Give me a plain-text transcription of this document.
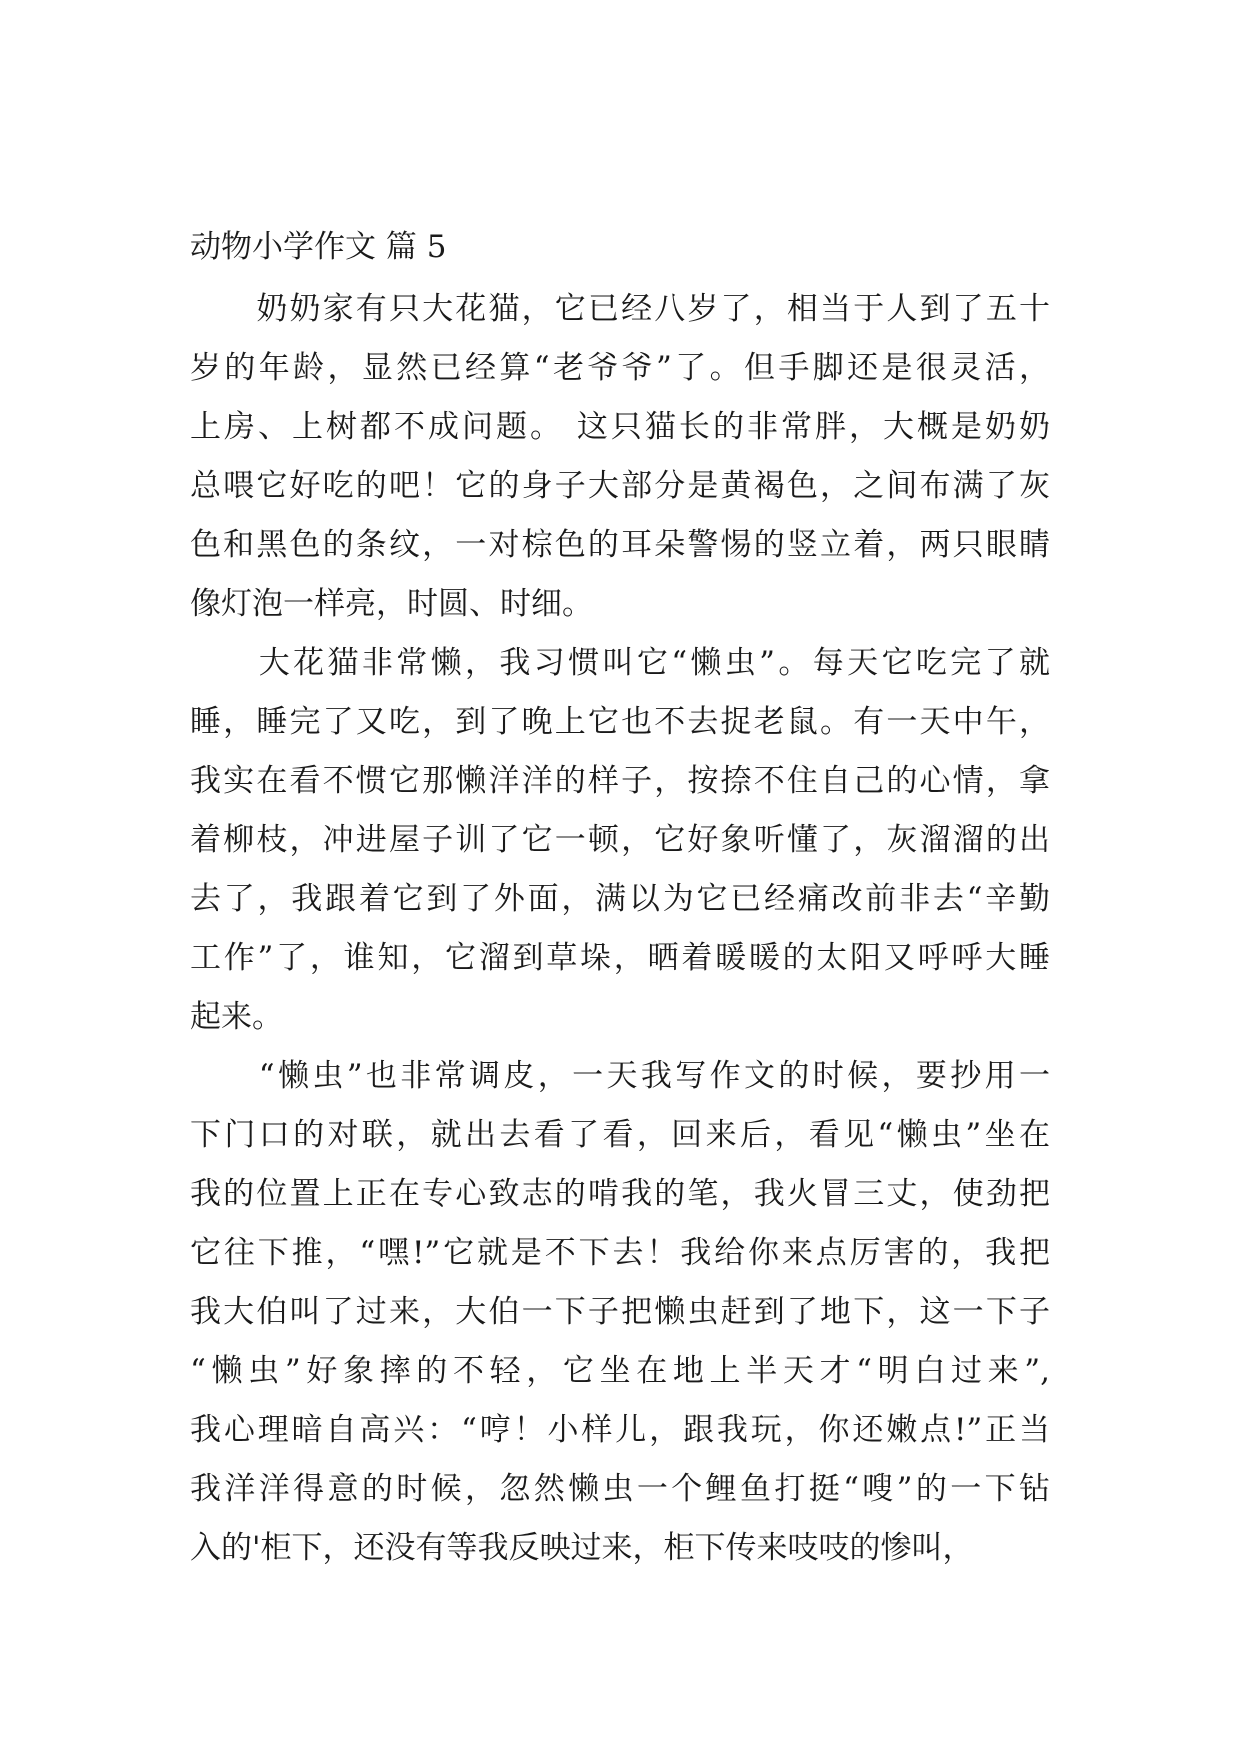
动物小学作文 篇 5
　　奶奶家有只大花猫，它已经八岁了，相当于人到了五十
岁的年龄，显然已经算“老爷爷”了。但手脚还是很灵活，
上房、上树都不成问题。 这只猫长的非常胖，大概是奶奶
总喂它好吃的吧！它的身子大部分是黄褐色，之间布满了灰
色和黑色的条纹，一对棕色的耳朵警惕的竖立着，两只眼睛
像灯泡一样亮，时圆、时细。
　　大花猫非常懒，我习惯叫它“懒虫”。每天它吃完了就
睡，睡完了又吃，到了晚上它也不去捉老鼠。有一天中午，
我实在看不惯它那懒洋洋的样子，按捺不住自己的心情，拿
着柳枝，冲进屋子训了它一顿，它好象听懂了，灰溜溜的出
去了，我跟着它到了外面，满以为它已经痛改前非去“辛勤
工作”了，谁知，它溜到草垛，晒着暖暖的太阳又呼呼大睡
起来。
　　“懒虫”也非常调皮，一天我写作文的时候，要抄用一
下门口的对联，就出去看了看，回来后，看见“懒虫”坐在
我的位置上正在专心致志的啃我的笔，我火冒三丈，使劲把
它往下推，“嘿!”它就是不下去！我给你来点厉害的，我把
我大伯叫了过来，大伯一下子把懒虫赶到了地下，这一下子
“懒虫”好象摔的不轻，它坐在地上半天才“明白过来”,
我心理暗自高兴：“哼！小样儿，跟我玩，你还嫩点!”正当
我洋洋得意的时候，忽然懒虫一个鲤鱼打挺“嗖”的一下钻
入的'柜下，还没有等我反映过来，柜下传来吱吱的惨叫，
